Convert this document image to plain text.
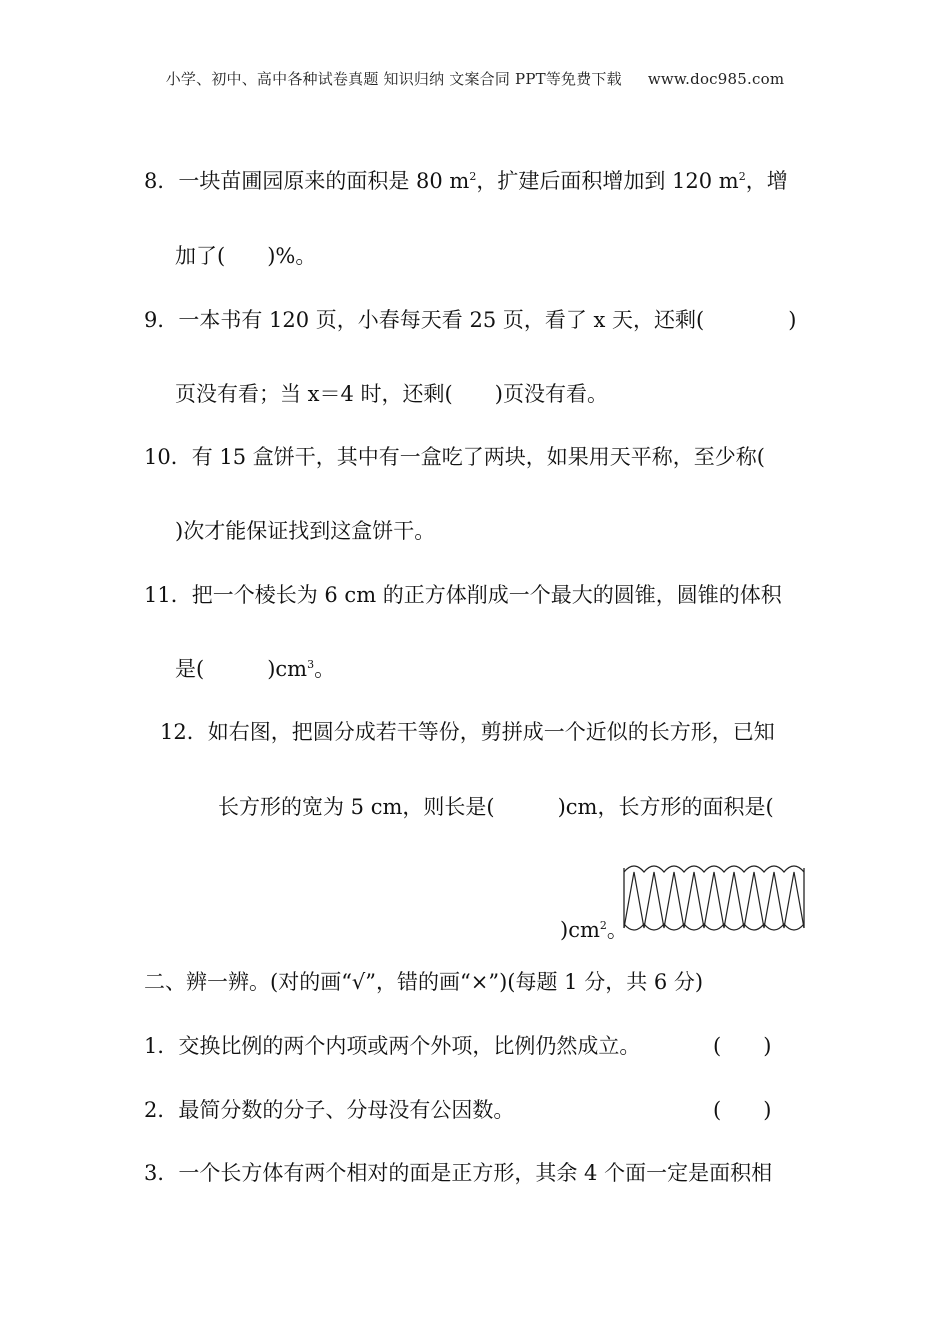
小学、初中、高中各种试卷真题 知识归纳 文案合同 PPT等免费下载 www.doc985.com
8．一块苗圃园原来的面积是 80 $m^2$，扩建后面积增加到 120 $m^2$，增
加了(　　)%。
9．一本书有 120 页，小春每天看 25 页，看了 x 天，还剩(　　　　)
页没有看；当 x＝4 时，还剩(　　)页没有看。
10．有 15 盒饼干，其中有一盒吃了两块，如果用天平称，至少称(
)次才能保证找到这盒饼干。
11．把一个棱长为 6 cm 的正方体削成一个最大的圆锥，圆锥的体积
是(　　　)$cm^3$。
12．如右图，把圆分成若干等份，剪拼成一个近似的长方形，已知
长方形的宽为 5 cm，则长是(　　　)cm，长方形的面积是(
)$cm^2$。
二、辨一辨。(对的画“√”，错的画“×”)(每题 1 分，共 6 分)
1．交换比例的两个内项或两个外项，比例仍然成立。	(　　)
2．最简分数的分子、分母没有公因数。	(　　)
3．一个长方体有两个相对的面是正方形，其余 4 个面一定是面积相
